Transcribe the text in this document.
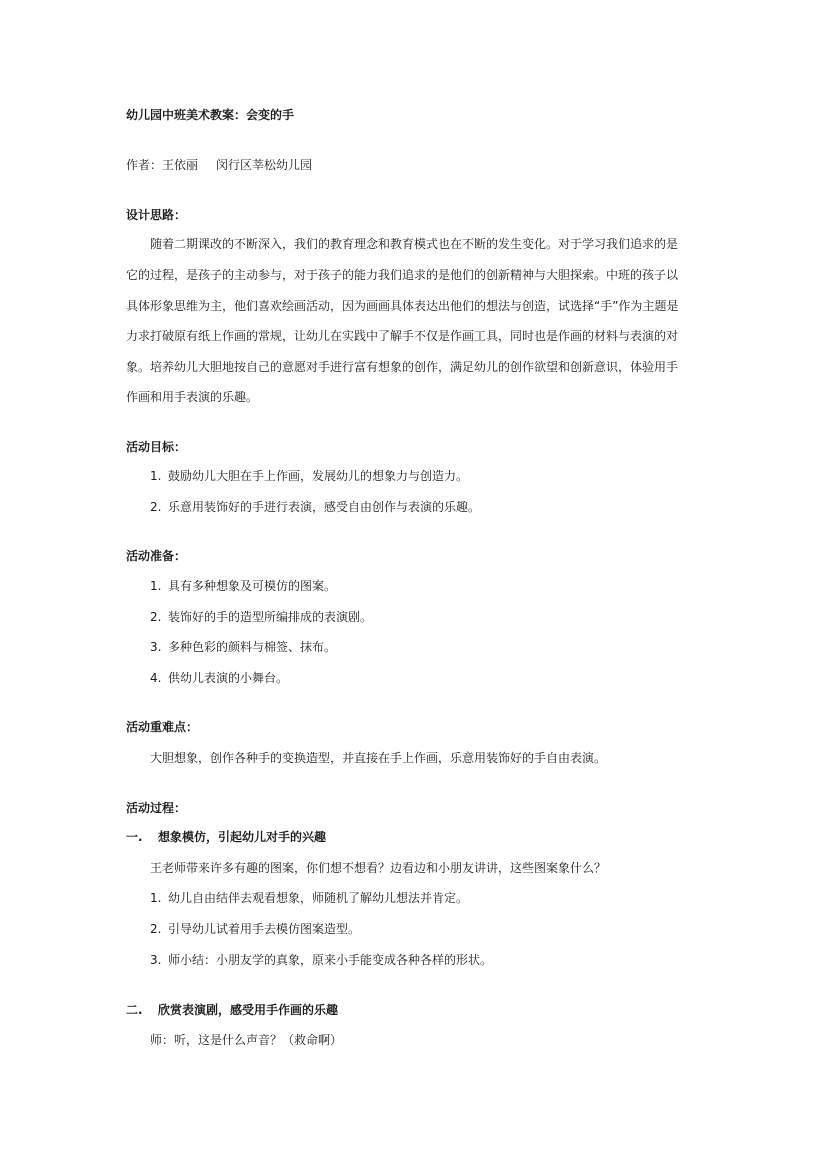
幼儿园中班美术教案：会变的手
作者：王依丽 闵行区莘松幼儿园
设计思路：
随着二期课改的不断深入，我们的教育理念和教育模式也在不断的发生变化。对于学习我们追求的是
它的过程，是孩子的主动参与，对于孩子的能力我们追求的是他们的创新精神与大胆探索。中班的孩子以
具体形象思维为主，他们喜欢绘画活动，因为画画具体表达出他们的想法与创造，试选择“手”作为主题是
力求打破原有纸上作画的常规，让幼儿在实践中了解手不仅是作画工具，同时也是作画的材料与表演的对
象。培养幼儿大胆地按自己的意愿对手进行富有想象的创作，满足幼儿的创作欲望和创新意识，体验用手
作画和用手表演的乐趣。
活动目标：
1. 鼓励幼儿大胆在手上作画，发展幼儿的想象力与创造力。
2. 乐意用装饰好的手进行表演，感受自由创作与表演的乐趣。
活动准备：
1. 具有多种想象及可模仿的图案。
2. 装饰好的手的造型所编排成的表演剧。
3. 多种色彩的颜料与棉签、抹布。
4. 供幼儿表演的小舞台。
活动重难点：
大胆想象，创作各种手的变换造型，并直接在手上作画，乐意用装饰好的手自由表演。
活动过程：
一. 想象模仿，引起幼儿对手的兴趣
王老师带来许多有趣的图案，你们想不想看？边看边和小朋友讲讲，这些图案象什么？
1. 幼儿自由结伴去观看想象，师随机了解幼儿想法并肯定。
2. 引导幼儿试着用手去模仿图案造型。
3. 师小结：小朋友学的真象，原来小手能变成各种各样的形状。
二. 欣赏表演剧，感受用手作画的乐趣
师：听，这是什么声音？（救命啊）
